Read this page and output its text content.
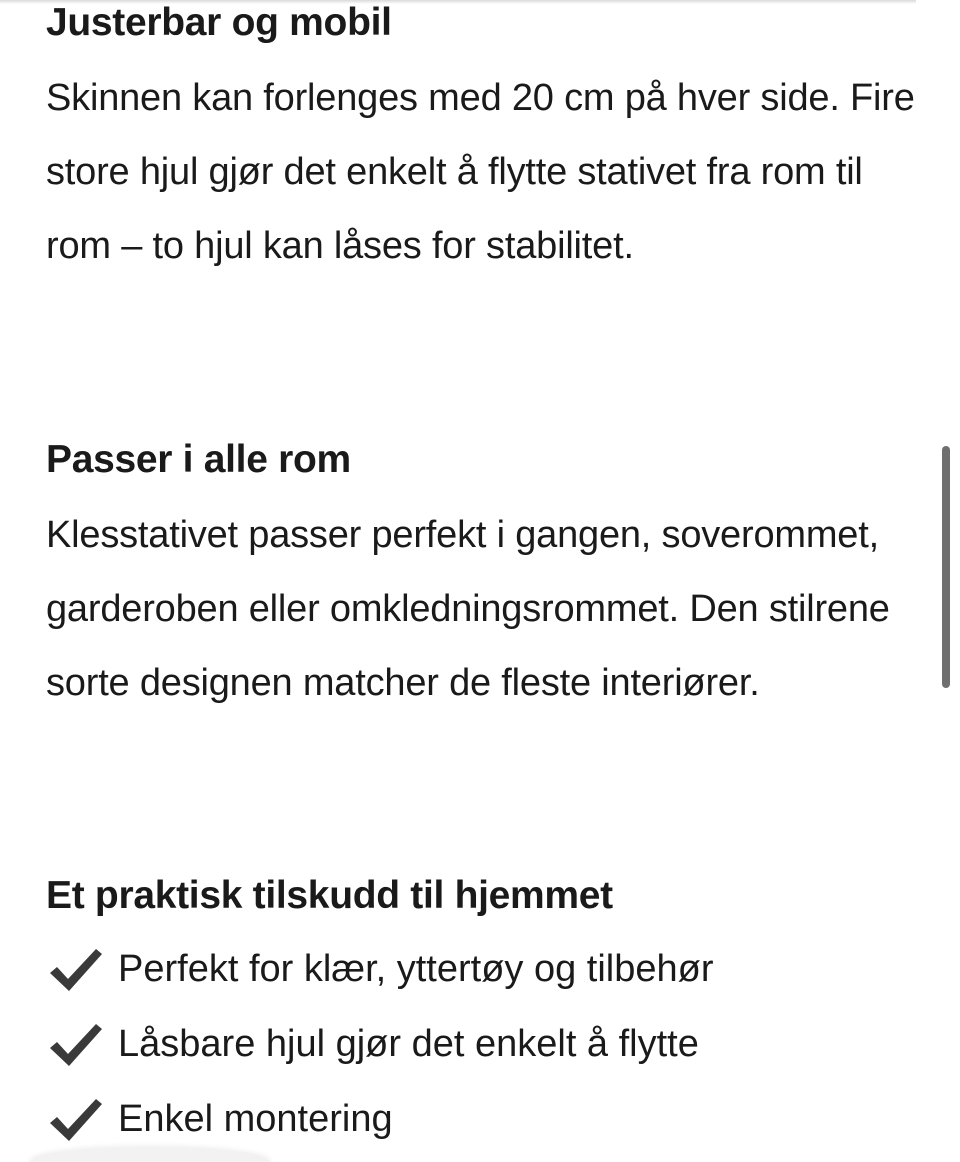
Justerbar og mobil

Skinnen kan forlenges med 20 cm på hver side. Fire store hjul gjør det enkelt å flytte stativet fra rom til rom – to hjul kan låses for stabilitet.

Passer i alle rom

Klesstativet passer perfekt i gangen, soverommet, garderoben eller omkledningsrommet. Den stilrene sorte designen matcher de fleste interiører.

Et praktisk tilskudd til hjemmet
Perfekt for klær, yttertøy og tilbehør
Låsbare hjul gjør det enkelt å flytte
Enkel montering
